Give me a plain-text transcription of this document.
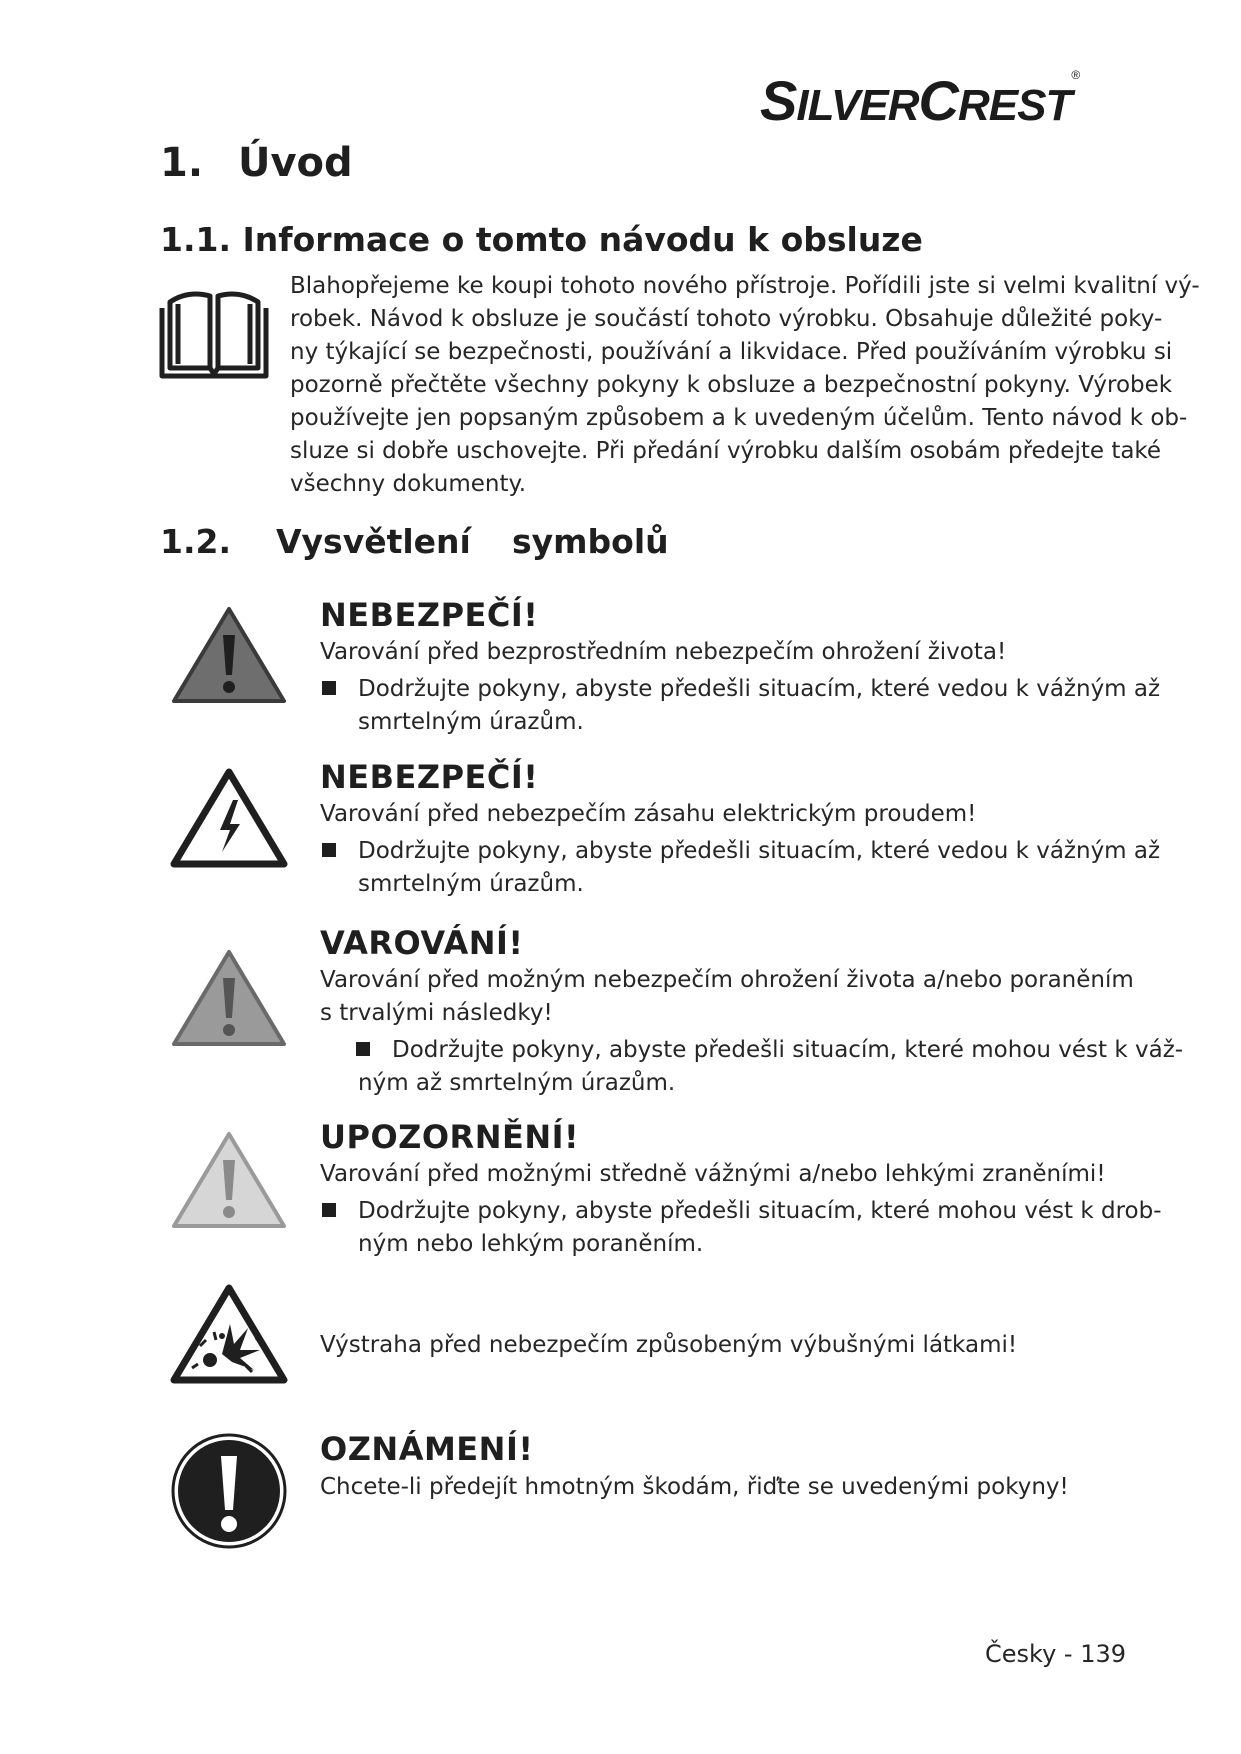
SILVERCREST®
1. Úvod
1.1. Informace o tomto návodu k obsluze
Blahopřejeme ke koupi tohoto nového přístroje. Pořídili jste si velmi kvalitní vý-
robek. Návod k obsluze je součástí tohoto výrobku. Obsahuje důležité poky-
ny týkající se bezpečnosti, používání a likvidace. Před používáním výrobku si
pozorně přečtěte všechny pokyny k obsluze a bezpečnostní pokyny. Výrobek
používejte jen popsaným způsobem a k uvedeným účelům. Tento návod k ob-
sluze si dobře uschovejte. Při předání výrobku dalším osobám předejte také
všechny dokumenty.
1.2. Vysvětlení symbolů
NEBEZPEČÍ!
Varování před bezprostředním nebezpečím ohrožení života!
Dodržujte pokyny, abyste předešli situacím, které vedou k vážným až
smrtelným úrazům.
NEBEZPEČÍ!
Varování před nebezpečím zásahu elektrickým proudem!
Dodržujte pokyny, abyste předešli situacím, které vedou k vážným až
smrtelným úrazům.
VAROVÁNÍ!
Varování před možným nebezpečím ohrožení života a/nebo poraněním
s trvalými následky!
Dodržujte pokyny, abyste předešli situacím, které mohou vést k váž-
ným až smrtelným úrazům.
UPOZORNĚNÍ!
Varování před možnými středně vážnými a/nebo lehkými zraněními!
Dodržujte pokyny, abyste předešli situacím, které mohou vést k drob-
ným nebo lehkým poraněním.
Výstraha před nebezpečím způsobeným výbušnými látkami!
OZNÁMENÍ!
Chcete-li předejít hmotným škodám, řiďte se uvedenými pokyny!
Česky - 139
